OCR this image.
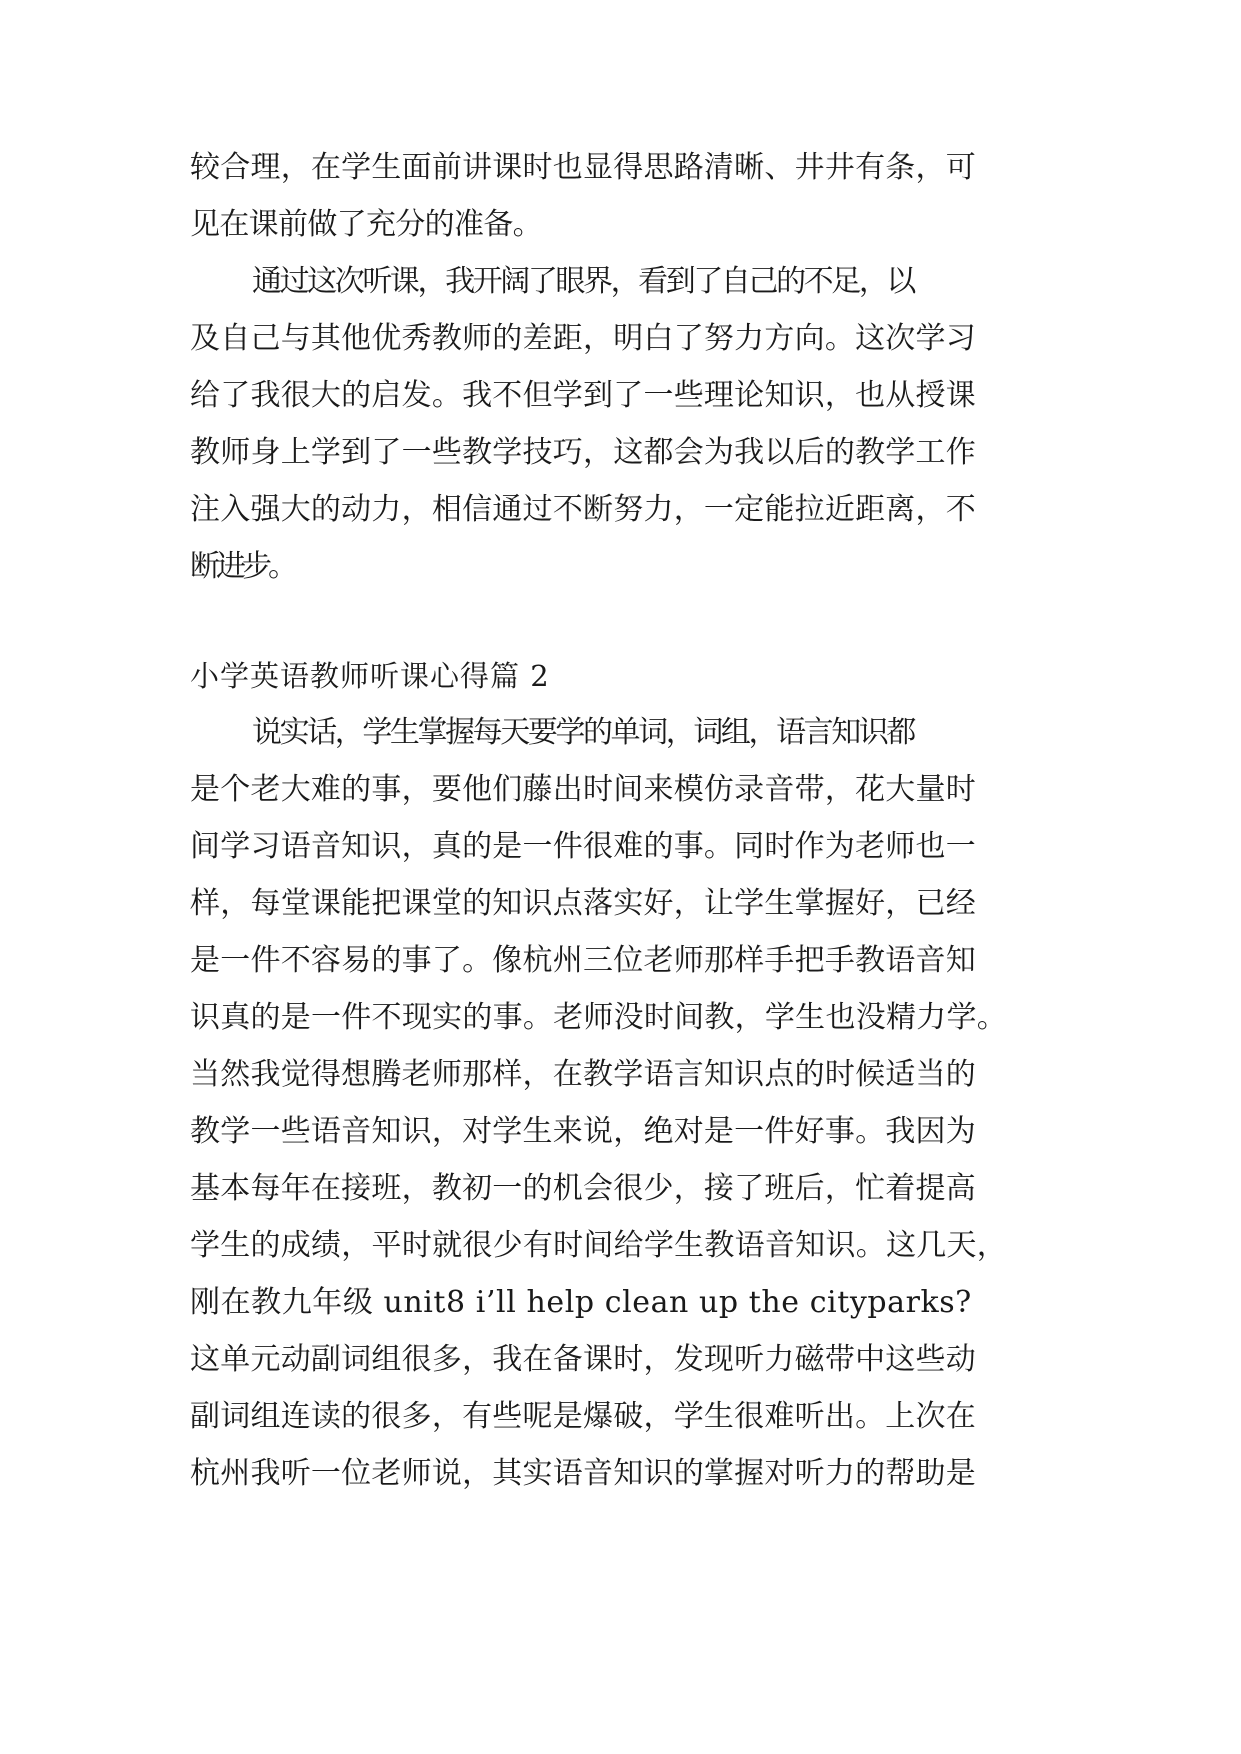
较合理，在学生面前讲课时也显得思路清晰、井井有条，可
见在课前做了充分的准备。
通过这次听课，我开阔了眼界，看到了自己的不足，以
及自己与其他优秀教师的差距，明白了努力方向。这次学习
给了我很大的启发。我不但学到了一些理论知识，也从授课
教师身上学到了一些教学技巧，这都会为我以后的教学工作
注入强大的动力，相信通过不断努力，一定能拉近距离，不
断进步。
小学英语教师听课心得篇 2
说实话，学生掌握每天要学的单词，词组，语言知识都
是个老大难的事，要他们藤出时间来模仿录音带，花大量时
间学习语音知识，真的是一件很难的事。同时作为老师也一
样，每堂课能把课堂的知识点落实好，让学生掌握好，已经
是一件不容易的事了。像杭州三位老师那样手把手教语音知
识真的是一件不现实的事。老师没时间教，学生也没精力学。
当然我觉得想腾老师那样，在教学语言知识点的时候适当的
教学一些语音知识，对学生来说，绝对是一件好事。我因为
基本每年在接班，教初一的机会很少，接了班后，忙着提高
学生的成绩，平时就很少有时间给学生教语音知识。这几天，
刚在教九年级 unit8 i’ll help clean up the cityparks?
这单元动副词组很多，我在备课时，发现听力磁带中这些动
副词组连读的很多，有些呢是爆破，学生很难听出。上次在
杭州我听一位老师说，其实语音知识的掌握对听力的帮助是
